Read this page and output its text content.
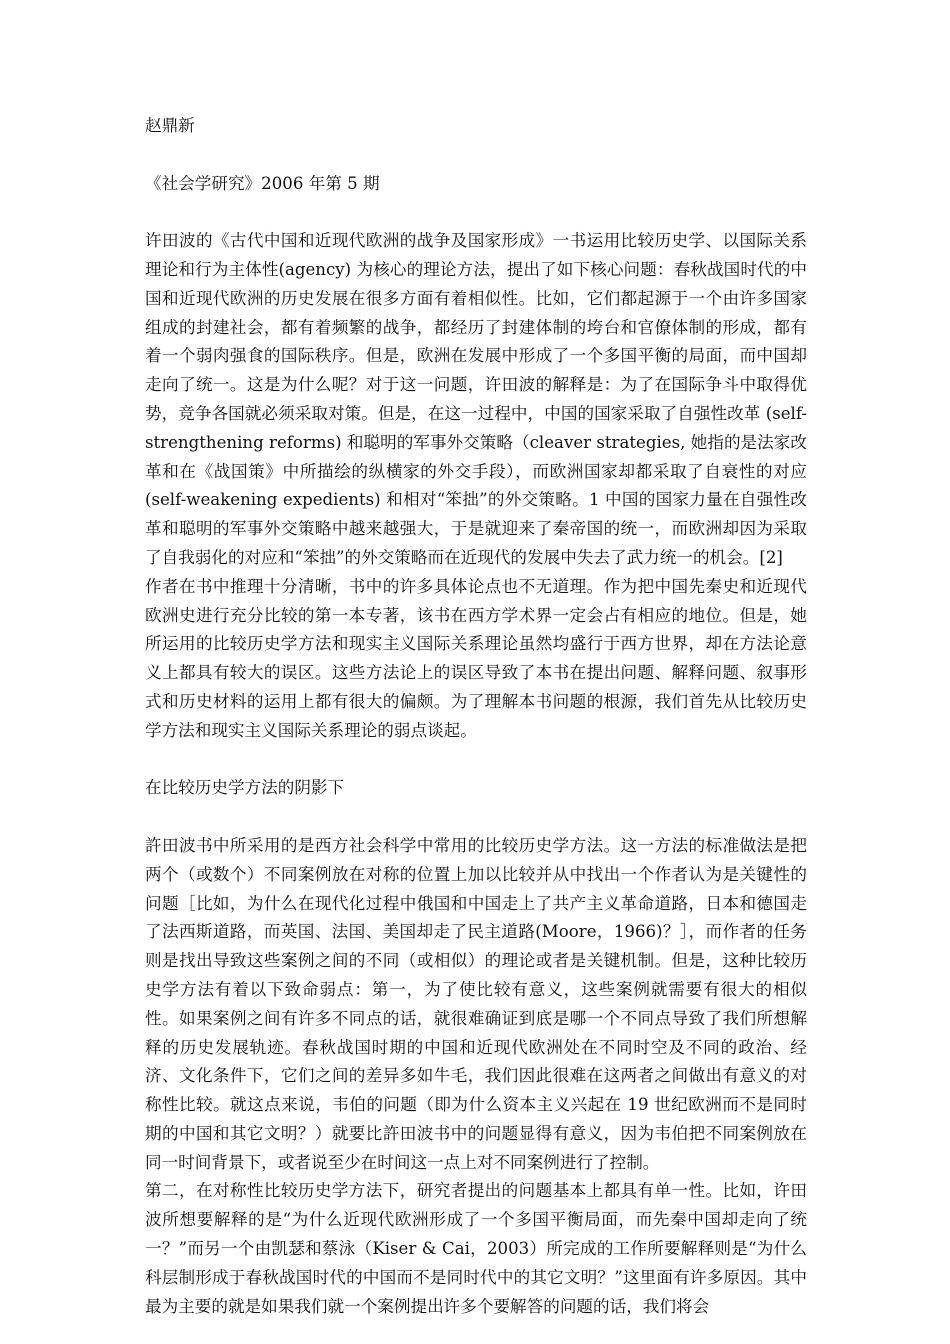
赵鼎新

《社会学研究》2006 年第 5 期

许田波的《古代中国和近现代欧洲的战争及国家形成》一书运用比较历史学、以国际关系理论和行为主体性(agency) 为核心的理论方法，提出了如下核心问题：春秋战国时代的中国和近现代欧洲的历史发展在很多方面有着相似性。比如，它们都起源于一个由许多国家组成的封建社会，都有着频繁的战争，都经历了封建体制的垮台和官僚体制的形成，都有着一个弱肉强食的国际秩序。但是，欧洲在发展中形成了一个多国平衡的局面，而中国却走向了统一。这是为什么呢？对于这一问题，许田波的解释是：为了在国际争斗中取得优势，竞争各国就必须采取对策。但是，在这一过程中，中国的国家采取了自强性改革 (self-strengthening reforms) 和聪明的军事外交策略（cleaver strategies, 她指的是法家改革和在《战国策》中所描绘的纵横家的外交手段），而欧洲国家却都采取了自衰性的对应 (self-weakening expedients) 和相对“笨拙”的外交策略。1 中国的国家力量在自强性改革和聪明的军事外交策略中越来越强大，于是就迎来了秦帝国的统一，而欧洲却因为采取了自我弱化的对应和“笨拙”的外交策略而在近现代的发展中失去了武力统一的机会。[2]

作者在书中推理十分清晰，书中的许多具体论点也不无道理。作为把中国先秦史和近现代欧洲史进行充分比较的第一本专著，该书在西方学术界一定会占有相应的地位。但是，她所运用的比较历史学方法和现实主义国际关系理论虽然均盛行于西方世界，却在方法论意义上都具有较大的误区。这些方法论上的误区导致了本书在提出问题、解释问题、叙事形式和历史材料的运用上都有很大的偏颇。为了理解本书问题的根源，我们首先从比较历史学方法和现实主义国际关系理论的弱点谈起。

在比较历史学方法的阴影下

許田波书中所采用的是西方社会科学中常用的比较历史学方法。这一方法的标准做法是把两个（或数个）不同案例放在对称的位置上加以比较并从中找出一个作者认为是关键性的问题［比如，为什么在现代化过程中俄国和中国走上了共产主义革命道路，日本和德国走了法西斯道路，而英国、法国、美国却走了民主道路(Moore，1966)？］，而作者的任务则是找出导致这些案例之间的不同（或相似）的理论或者是关键机制。但是，这种比较历史学方法有着以下致命弱点：第一，为了使比较有意义，这些案例就需要有很大的相似性。如果案例之间有许多不同点的话，就很难确证到底是哪一个不同点导致了我们所想解释的历史发展轨迹。春秋战国时期的中国和近现代欧洲处在不同时空及不同的政治、经济、文化条件下，它们之间的差异多如牛毛，我们因此很难在这两者之间做出有意义的对称性比较。就这点来说，韦伯的问题（即为什么资本主义兴起在 19 世纪欧洲而不是同时期的中国和其它文明？）就要比許田波书中的问题显得有意义，因为韦伯把不同案例放在同一时间背景下，或者说至少在时间这一点上对不同案例进行了控制。

第二，在对称性比较历史学方法下，研究者提出的问题基本上都具有单一性。比如，许田波所想要解释的是“为什么近现代欧洲形成了一个多国平衡局面，而先秦中国却走向了统一？”而另一个由凯瑟和蔡泳（Kiser & Cai，2003）所完成的工作所要解释则是“为什么科层制形成于春秋战国时代的中国而不是同时代中的其它文明？”这里面有许多原因。其中最为主要的就是如果我们就一个案例提出许多个要解答的问题的话，我们将会
